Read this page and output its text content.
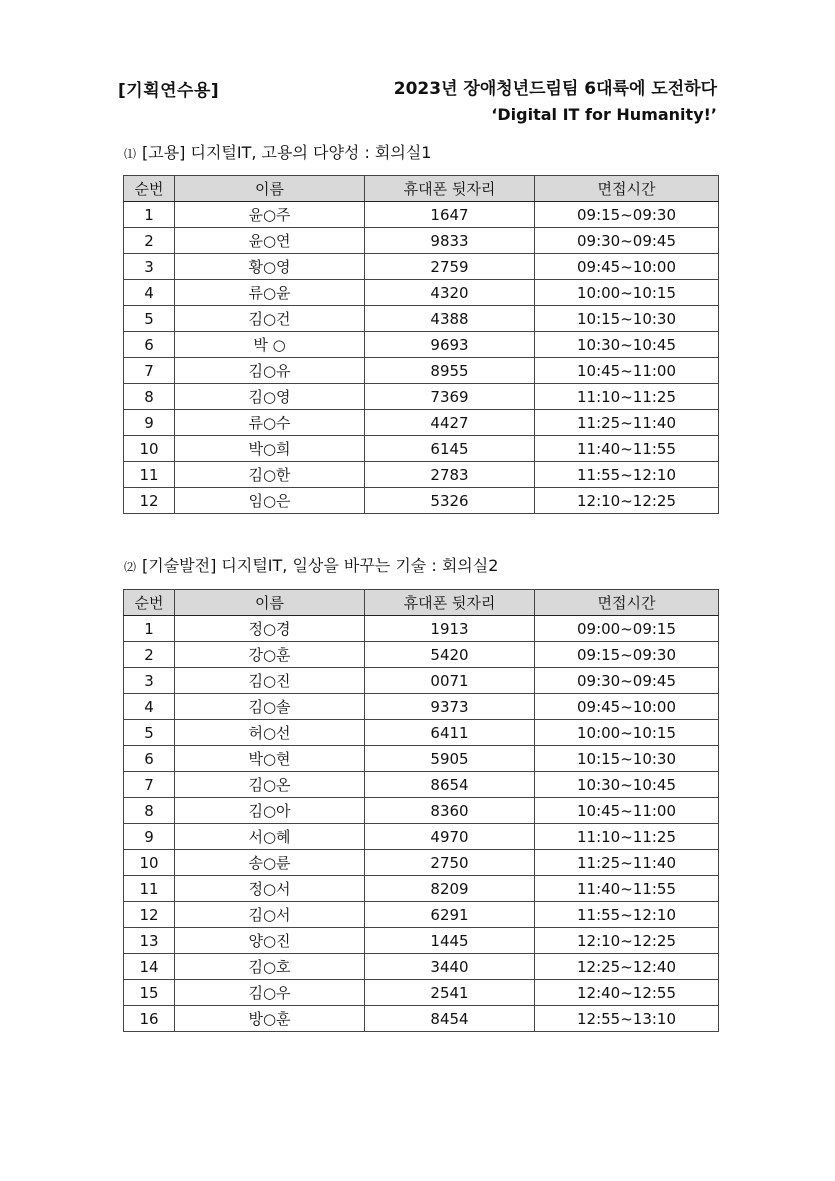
[기획연수용]	2023년 장애청년드림팀 6대륙에 도전하다
‘Digital IT for Humanity!’
⑴ [고용] 디지털IT, 고용의 다양성 : 회의실1
순번	이름	휴대폰 뒷자리	면접시간
1	윤○주	1647	09:15~09:30
2	윤○연	9833	09:30~09:45
3	황○영	2759	09:45~10:00
4	류○윤	4320	10:00~10:15
5	김○건	4388	10:15~10:30
6	박 ○	9693	10:30~10:45
7	김○유	8955	10:45~11:00
8	김○영	7369	11:10~11:25
9	류○수	4427	11:25~11:40
10	박○희	6145	11:40~11:55
11	김○한	2783	11:55~12:10
12	임○은	5326	12:10~12:25
⑵ [기술발전] 디지털IT, 일상을 바꾸는 기술 : 회의실2
순번	이름	휴대폰 뒷자리	면접시간
1	정○경	1913	09:00~09:15
2	강○훈	5420	09:15~09:30
3	김○진	0071	09:30~09:45
4	김○솔	9373	09:45~10:00
5	허○선	6411	10:00~10:15
6	박○현	5905	10:15~10:30
7	김○온	8654	10:30~10:45
8	김○아	8360	10:45~11:00
9	서○혜	4970	11:10~11:25
10	송○륜	2750	11:25~11:40
11	정○서	8209	11:40~11:55
12	김○서	6291	11:55~12:10
13	양○진	1445	12:10~12:25
14	김○호	3440	12:25~12:40
15	김○우	2541	12:40~12:55
16	방○훈	8454	12:55~13:10
